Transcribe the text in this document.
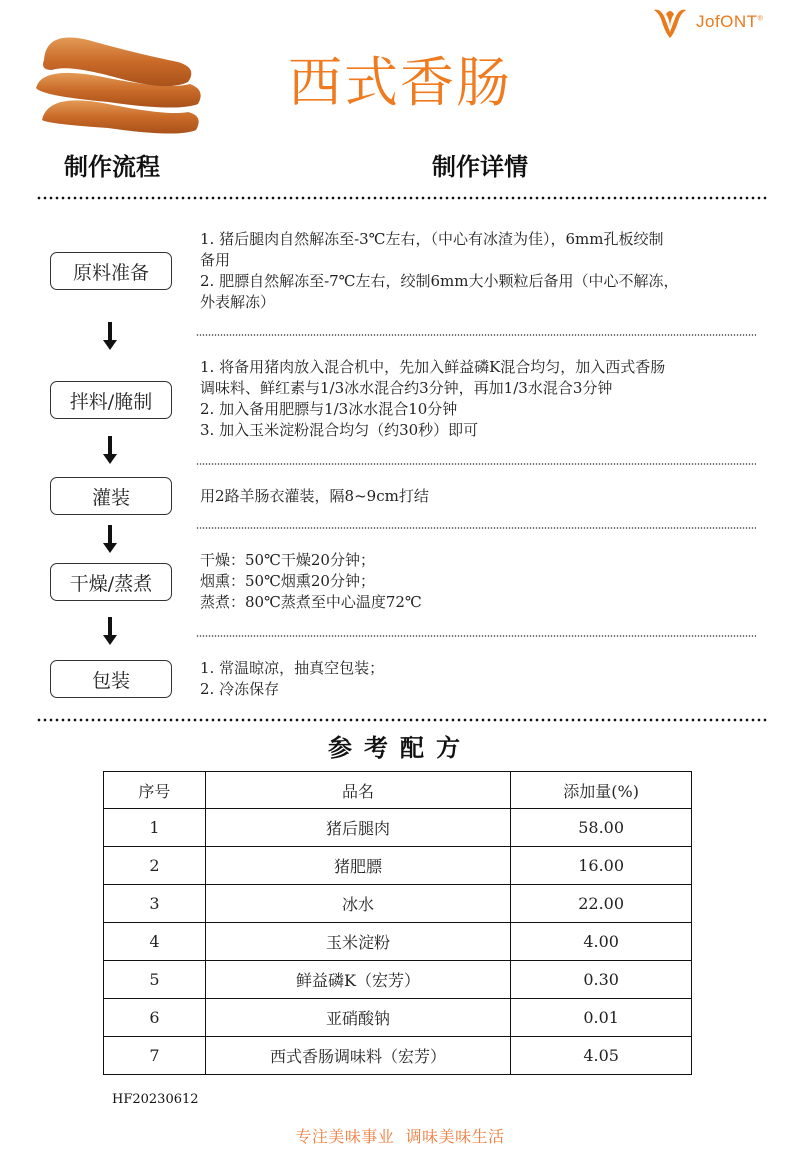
JofONT®
西式香肠
制作流程	制作详情
原料准备
1. 猪后腿肉自然解冻至-3℃左右，（中心有冰渣为佳），6mm孔板绞制
备用
2. 肥膘自然解冻至-7℃左右，绞制6mm大小颗粒后备用（中心不解冻，
外表解冻）
拌料/腌制
1. 将备用猪肉放入混合机中，先加入鲜益磷K混合均匀，加入西式香肠
调味料、鲜红素与1/3冰水混合约3分钟，再加1/3水混合3分钟
2. 加入备用肥膘与1/3冰水混合10分钟
3. 加入玉米淀粉混合均匀（约30秒）即可
灌装	用2路羊肠衣灌装，隔8~9cm打结
干燥/蒸煮
干燥：50℃干燥20分钟；
烟熏：50℃烟熏20分钟；
蒸煮：80℃蒸煮至中心温度72℃
包装
1. 常温晾凉，抽真空包装；
2. 冷冻保存
参考配方
序号	品名	添加量(%)
1	猪后腿肉	58.00
2	猪肥膘	16.00
3	冰水	22.00
4	玉米淀粉	4.00
5	鲜益磷K（宏芳）	0.30
6	亚硝酸钠	0.01
7	西式香肠调味料（宏芳）	4.05
HF20230612
专注美味事业  调味美味生活
